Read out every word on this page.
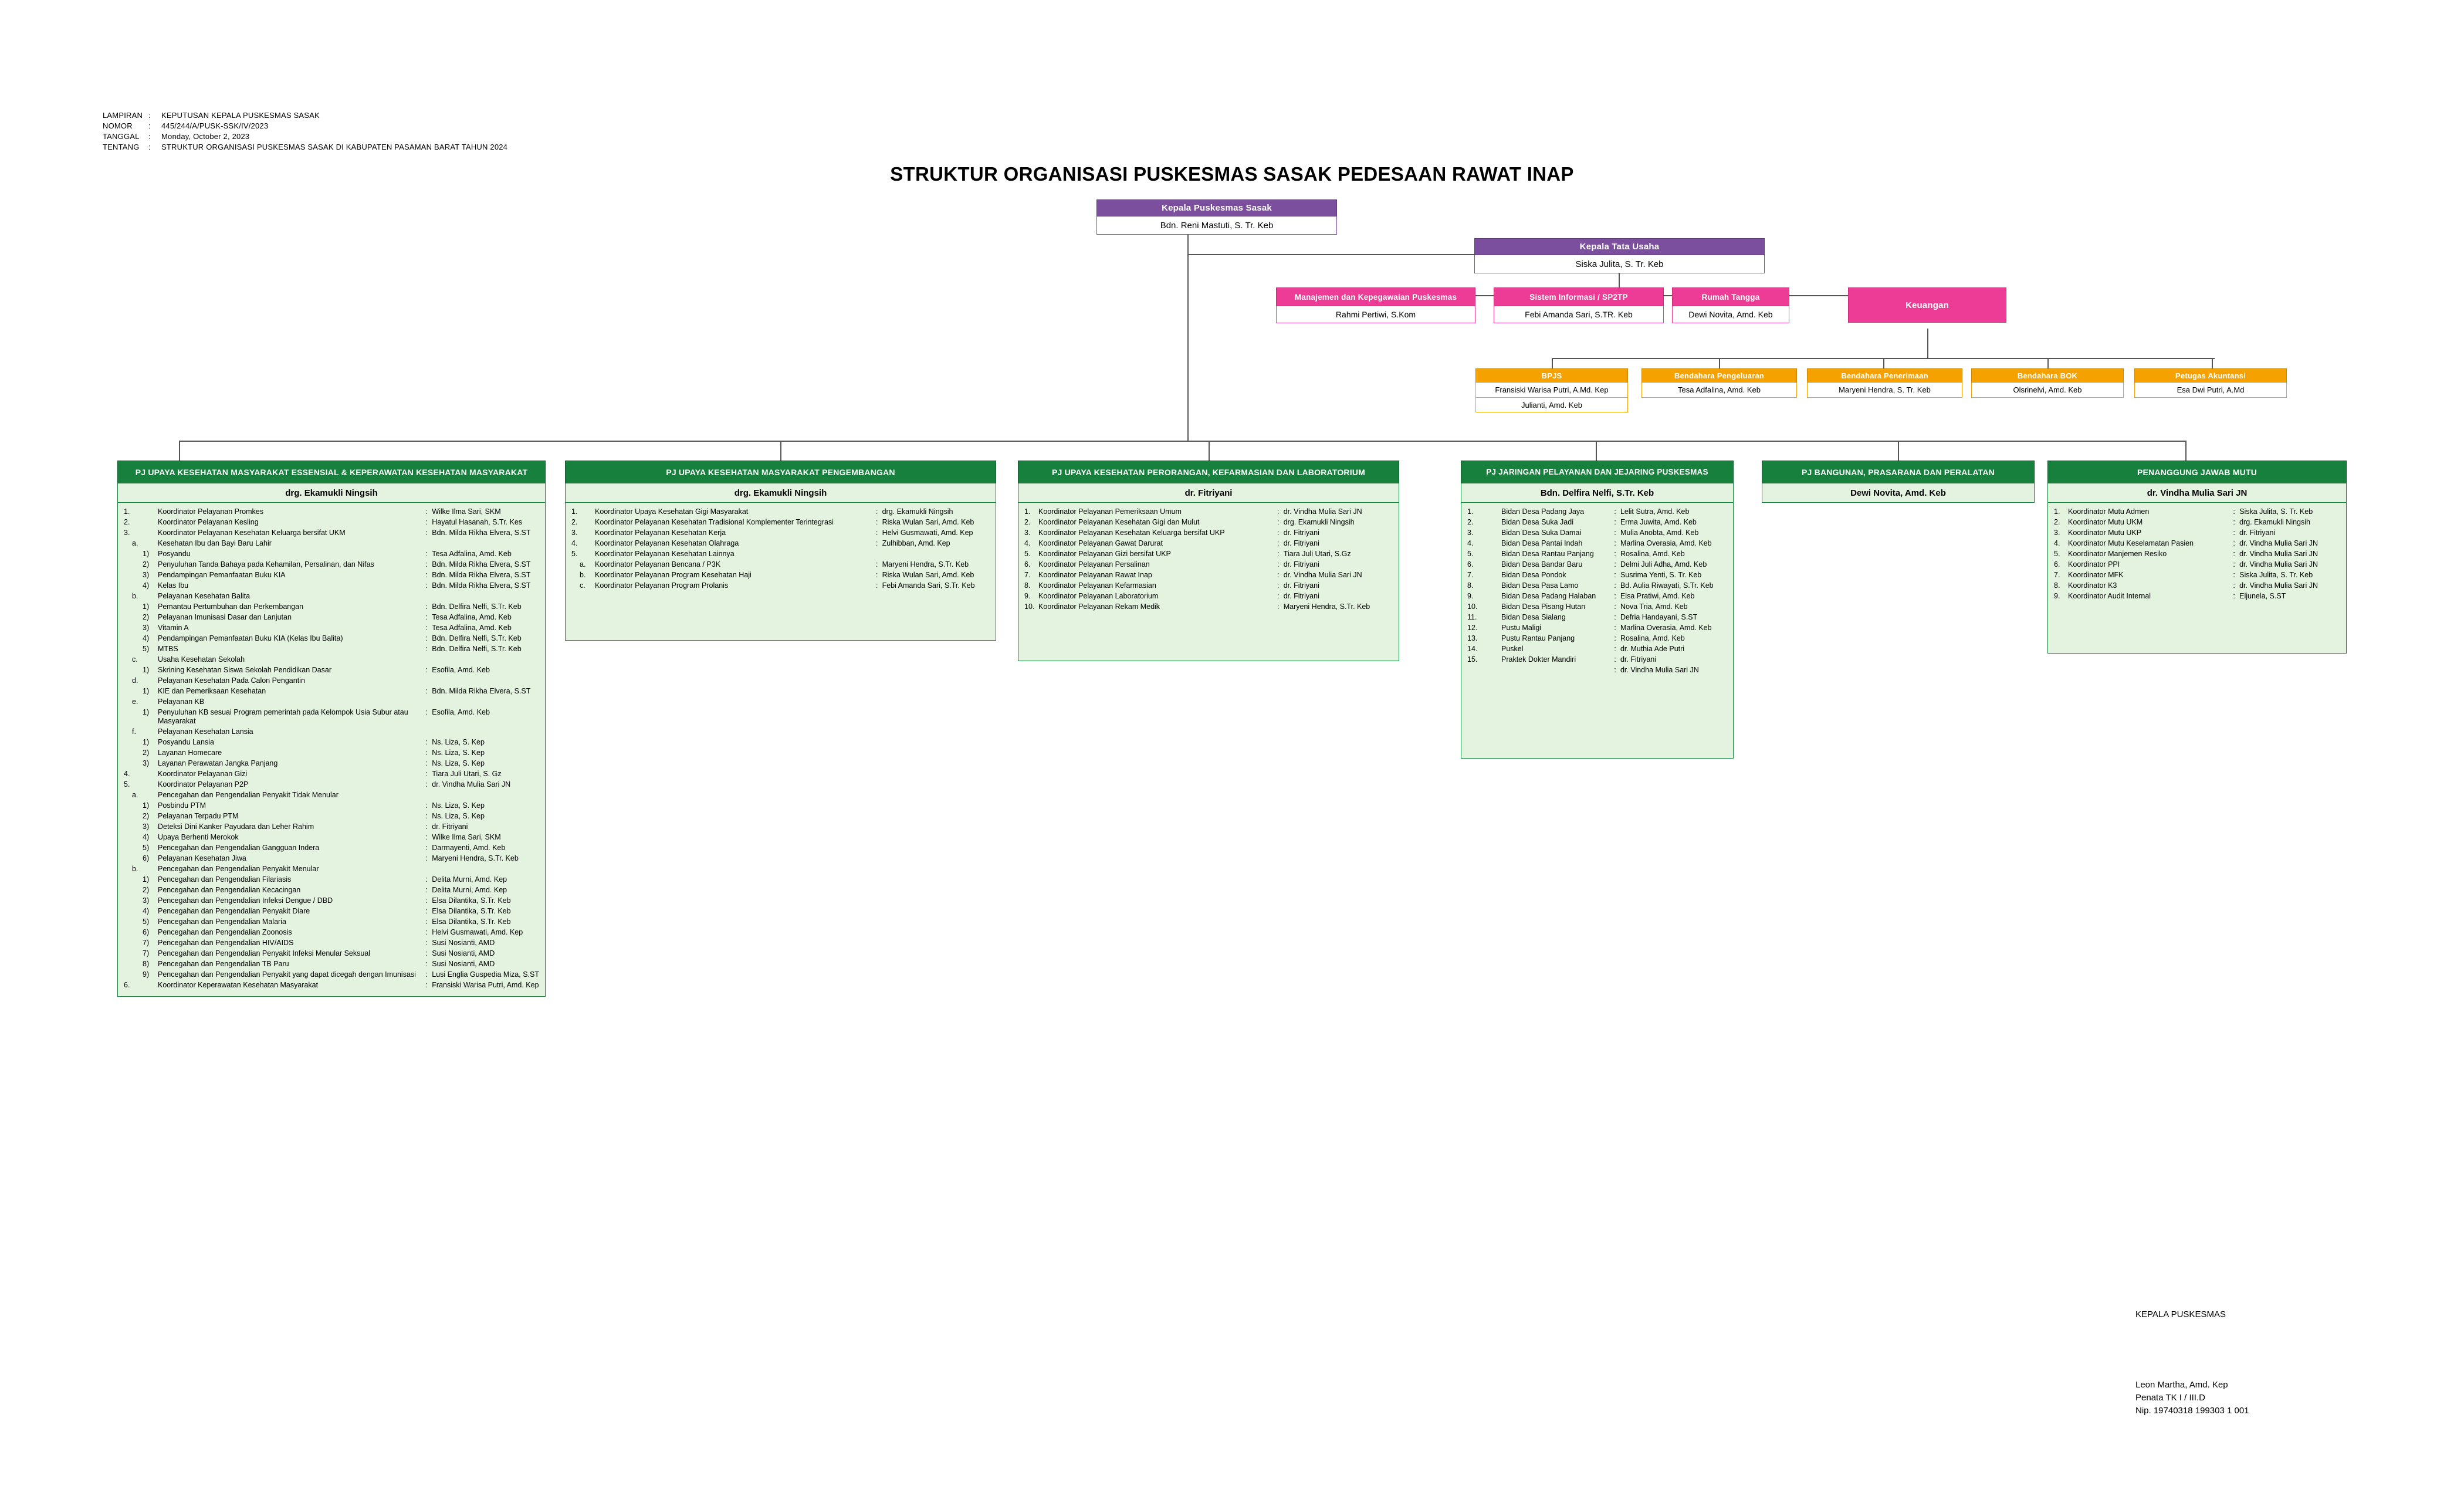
LAMPIRAN	:	KEPUTUSAN KEPALA PUSKESMAS SASAK
NOMOR	:	445/244/A/PUSK-SSK/IV/2023
TANGGAL	:	Monday, October 2, 2023
TENTANG	:	STRUKTUR ORGANISASI PUSKESMAS SASAK DI KABUPATEN PASAMAN BARAT TAHUN 2024
STRUKTUR ORGANISASI PUSKESMAS SASAK PEDESAAN RAWAT INAP
Kepala Puskesmas Sasak
Bdn. Reni Mastuti, S. Tr. Keb
Kepala Tata Usaha
Siska Julita, S. Tr. Keb
Manajemen dan Kepegawaian Puskesmas
Rahmi Pertiwi, S.Kom
Sistem Informasi / SP2TP
Febi Amanda Sari, S.TR. Keb
Rumah Tangga
Dewi Novita, Amd. Keb
Keuangan
BPJS
Fransiski Warisa Putri, A.Md. Kep
Julianti, Amd. Keb
Bendahara Pengeluaran
Tesa Adfalina, Amd. Keb
Bendahara Penerimaan
Maryeni Hendra, S. Tr. Keb
Bendahara BOK
Olsrinelvi, Amd. Keb
Petugas Akuntansi
Esa Dwi Putri, A.Md
PJ UPAYA KESEHATAN MASYARAKAT ESSENSIAL & KEPERAWATAN KESEHATAN MASYARAKAT
drg. Ekamukli Ningsih
1.	Koordinator Pelayanan Promkes	:	Wilke Ilma Sari, SKM
2.	Koordinator Pelayanan Kesling	:	Hayatul Hasanah, S.Tr. Kes
3.	Koordinator Pelayanan Kesehatan Keluarga bersifat UKM	:	Bdn. Milda Rikha Elvera, S.ST
a.	Kesehatan Ibu dan Bayi Baru Lahir		
1)	Posyandu	:	Tesa Adfalina, Amd. Keb
2)	Penyuluhan Tanda Bahaya pada Kehamilan, Persalinan, dan Nifas	:	Bdn. Milda Rikha Elvera, S.ST
3)	Pendampingan Pemanfaatan Buku KIA	:	Bdn. Milda Rikha Elvera, S.ST
4)	Kelas Ibu	:	Bdn. Milda Rikha Elvera, S.ST
b.	Pelayanan Kesehatan Balita		
1)	Pemantau Pertumbuhan dan Perkembangan	:	Bdn. Delfira Nelfi, S.Tr. Keb
2)	Pelayanan Imunisasi Dasar dan Lanjutan	:	Tesa Adfalina, Amd. Keb
3)	Vitamin A	:	Tesa Adfalina, Amd. Keb
4)	Pendampingan Pemanfaatan Buku KIA (Kelas Ibu Balita)	:	Bdn. Delfira Nelfi, S.Tr. Keb
5)	MTBS	:	Bdn. Delfira Nelfi, S.Tr. Keb
c.	Usaha Kesehatan Sekolah		
1)	Skrining Kesehatan Siswa Sekolah Pendidikan Dasar	:	Esofila, Amd. Keb
d.	Pelayanan Kesehatan Pada Calon Pengantin		
1)	KIE dan Pemeriksaan Kesehatan	:	Bdn. Milda Rikha Elvera, S.ST
e.	Pelayanan KB		
1)	Penyuluhan KB sesuai Program pemerintah pada Kelompok Usia Subur atau Masyarakat	:	Esofila, Amd. Keb
f.	Pelayanan Kesehatan Lansia		
1)	Posyandu Lansia	:	Ns. Liza, S. Kep
2)	Layanan Homecare	:	Ns. Liza, S. Kep
3)	Layanan Perawatan Jangka Panjang	:	Ns. Liza, S. Kep
4.	Koordinator Pelayanan Gizi	:	Tiara Juli Utari, S. Gz
5.	Koordinator Pelayanan P2P	:	dr. Vindha Mulia Sari JN
a.	Pencegahan dan Pengendalian Penyakit Tidak Menular		
1)	Posbindu PTM	:	Ns. Liza, S. Kep
2)	Pelayanan Terpadu PTM	:	Ns. Liza, S. Kep
3)	Deteksi Dini Kanker Payudara dan Leher Rahim	:	dr. Fitriyani
4)	Upaya Berhenti Merokok	:	Wilke Ilma Sari, SKM
5)	Pencegahan dan Pengendalian Gangguan Indera	:	Darmayenti, Amd. Keb
6)	Pelayanan Kesehatan Jiwa	:	Maryeni Hendra, S.Tr. Keb
b.	Pencegahan dan Pengendalian Penyakit Menular		
1)	Pencegahan dan Pengendalian Filariasis	:	Delita Murni, Amd. Kep
2)	Pencegahan dan Pengendalian Kecacingan	:	Delita Murni, Amd. Kep
3)	Pencegahan dan Pengendalian Infeksi Dengue / DBD	:	Elsa Dilantika, S.Tr. Keb
4)	Pencegahan dan Pengendalian Penyakit Diare	:	Elsa Dilantika, S.Tr. Keb
5)	Pencegahan dan Pengendalian Malaria	:	Elsa Dilantika, S.Tr. Keb
6)	Pencegahan dan Pengendalian Zoonosis	:	Helvi Gusmawati, Amd. Kep
7)	Pencegahan dan Pengendalian HIV/AIDS	:	Susi Nosianti, AMD
7)	Pencegahan dan Pengendalian Penyakit Infeksi Menular Seksual	:	Susi Nosianti, AMD
8)	Pencegahan dan Pengendalian TB Paru	:	Susi Nosianti, AMD
9)	Pencegahan dan Pengendalian Penyakit yang dapat dicegah dengan Imunisasi	:	Lusi Englia Guspedia Miza, S.ST
6.	Koordinator Keperawatan Kesehatan Masyarakat	:	Fransiski Warisa Putri, Amd. Kep
PJ UPAYA KESEHATAN MASYARAKAT PENGEMBANGAN
drg. Ekamukli Ningsih
1.	Koordinator Upaya Kesehatan Gigi Masyarakat	:	drg. Ekamukli Ningsih
2.	Koordinator Pelayanan Kesehatan Tradisional Komplementer Terintegrasi	:	Riska Wulan Sari, Amd. Keb
3.	Koordinator Pelayanan Kesehatan Kerja	:	Helvi Gusmawati, Amd. Kep
4.	Koordinator Pelayanan Kesehatan Olahraga	:	Zulhibban, Amd. Kep
5.	Koordinator Pelayanan Kesehatan Lainnya		
a.	Koordinator Pelayanan Bencana / P3K	:	Maryeni Hendra, S.Tr. Keb
b.	Koordinator Pelayanan Program Kesehatan Haji	:	Riska Wulan Sari, Amd. Keb
c.	Koordinator Pelayanan Program Prolanis	:	Febi Amanda Sari, S.Tr. Keb
PJ UPAYA KESEHATAN PERORANGAN, KEFARMASIAN DAN LABORATORIUM
dr. Fitriyani
1.	Koordinator Pelayanan Pemeriksaan Umum	:	dr. Vindha Mulia Sari JN
2.	Koordinator Pelayanan Kesehatan Gigi dan Mulut	:	drg. Ekamukli Ningsih
3.	Koordinator Pelayanan Kesehatan Keluarga bersifat UKP	:	dr. Fitriyani
4.	Koordinator Pelayanan Gawat Darurat	:	dr. Fitriyani
5.	Koordinator Pelayanan Gizi bersifat UKP	:	Tiara Juli Utari, S.Gz
6.	Koordinator Pelayanan Persalinan	:	dr. Fitriyani
7.	Koordinator Pelayanan Rawat Inap	:	dr. Vindha Mulia Sari JN
8.	Koordinator Pelayanan Kefarmasian	:	dr. Fitriyani
9.	Koordinator Pelayanan Laboratorium	:	dr. Fitriyani
10.	Koordinator Pelayanan Rekam Medik	:	Maryeni Hendra, S.Tr. Keb
PJ JARINGAN PELAYANAN DAN JEJARING PUSKESMAS
Bdn. Delfira Nelfi, S.Tr. Keb
1.	Bidan Desa Padang Jaya	:	Lelit Sutra, Amd. Keb
2.	Bidan Desa Suka Jadi	:	Erma Juwita, Amd. Keb
3.	Bidan Desa Suka Damai	:	Mulia Anobta, Amd. Keb
4.	Bidan Desa Pantai Indah	:	Marlina Overasia, Amd. Keb
5.	Bidan Desa Rantau Panjang	:	Rosalina, Amd. Keb
6.	Bidan Desa Bandar Baru	:	Delmi Juli Adha, Amd. Keb
7.	Bidan Desa Pondok	:	Susrima Yenti, S. Tr. Keb
8.	Bidan Desa Pasa Lamo	:	Bd. Aulia Riwayati, S.Tr. Keb
9.	Bidan Desa Padang Halaban	:	Elsa Pratiwi, Amd. Keb
10.	Bidan Desa Pisang Hutan	:	Nova Tria, Amd. Keb
11.	Bidan Desa Sialang	:	Defria Handayani, S.ST
12.	Pustu Maligi	:	Marlina Overasia, Amd. Keb
13.	Pustu Rantau Panjang	:	Rosalina, Amd. Keb
14.	Puskel	:	dr. Muthia Ade Putri
15.	Praktek Dokter Mandiri	:	dr. Fitriyani
		:	dr. Vindha Mulia Sari JN
PJ BANGUNAN, PRASARANA DAN PERALATAN
Dewi Novita, Amd. Keb
PENANGGUNG JAWAB MUTU
dr. Vindha Mulia Sari JN
1.	Koordinator Mutu Admen	:	Siska Julita, S. Tr. Keb
2.	Koordinator Mutu UKM	:	drg. Ekamukli Ningsih
3.	Koordinator Mutu UKP	:	dr. Fitriyani
4.	Koordinator Mutu Keselamatan Pasien	:	dr. Vindha Mulia Sari JN
5.	Koordinator Manjemen Resiko	:	dr. Vindha Mulia Sari JN
6.	Koordinator PPI	:	dr. Vindha Mulia Sari JN
7.	Koordinator MFK	:	Siska Julita, S. Tr. Keb
8.	Koordinator K3	:	dr. Vindha Mulia Sari JN
9.	Koordinator Audit Internal	:	Eljunela, S.ST
KEPALA PUSKESMAS
Leon Martha, Amd. Kep
Penata TK I / III.D
Nip. 19740318 199303 1 001
